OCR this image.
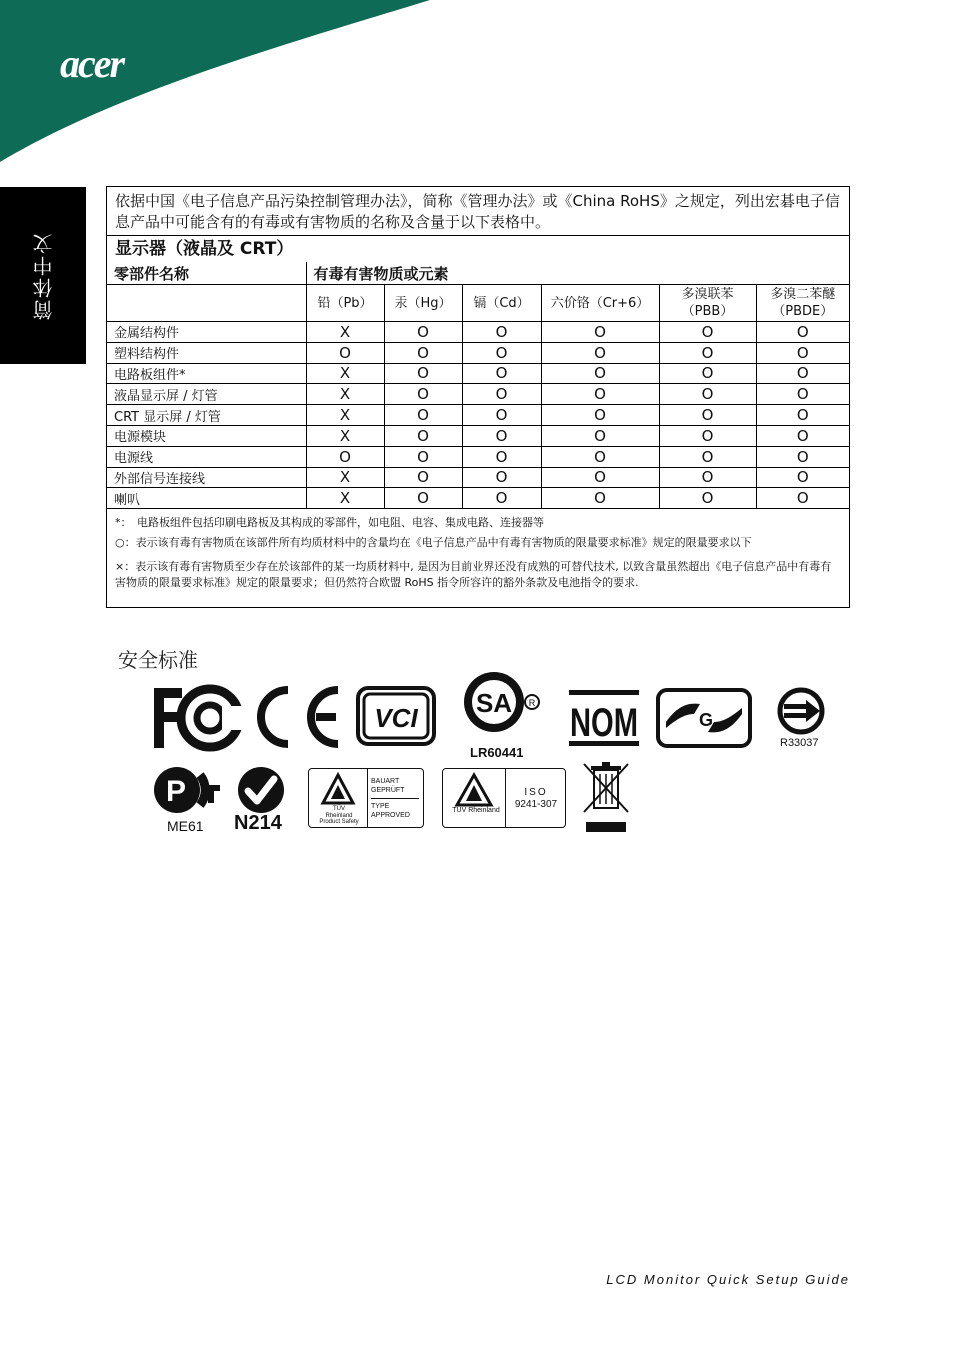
acer
简体中文
依据中国《电子信息产品污染控制管理办法》，简称《管理办法》或《China RoHS》之规定，列出宏碁电子信息产品中可能含有的有毒或有害物质的名称及含量于以下表格中。
显示器（液晶及 CRT）
零部件名称	有毒有害物质或元素					
	铅（Pb）	汞（Hg）	镉（Cd）	六价铬（Cr+6）	多溴联苯（PBB）	多溴二苯醚（PBDE）
金属结构件	X	O	O	O	O	O
塑料结构件	O	O	O	O	O	O
电路板组件*	X	O	O	O	O	O
液晶显示屏 / 灯管	X	O	O	O	O	O
CRT 显示屏 / 灯管	X	O	O	O	O	O
电源模块	X	O	O	O	O	O
电源线	O	O	O	O	O	O
外部信号连接线	X	O	O	O	O	O
喇叭	X	O	O	O	O	O

*：　电路板组件包括印刷电路板及其构成的零部件，如电阻、电容、集成电路、连接器等

○：表示该有毒有害物质在该部件所有均质材料中的含量均在《电子信息产品中有毒有害物质的限量要求标准》规定的限量要求以下

×：表示该有毒有害物质至少存在於该部件的某一均质材料中, 是因为目前业界还没有成熟的可替代技术, 以致含量虽然超出《电子信息产品中有毒有害物质的限量要求标准》规定的限量要求；但仍然符合欧盟 RoHS 指令所容许的豁外条款及电池指令的要求.

安全标准
VCI SA R
LR60441
NOM	G
R33037
P
ME61 N214
BAUART
GEPRÜFT
TYPE
APPROVED
TÜV
Rheinland
Product Safety
TÜV Rheinland
ISO
9241-307
LCD Monitor Quick Setup Guide
